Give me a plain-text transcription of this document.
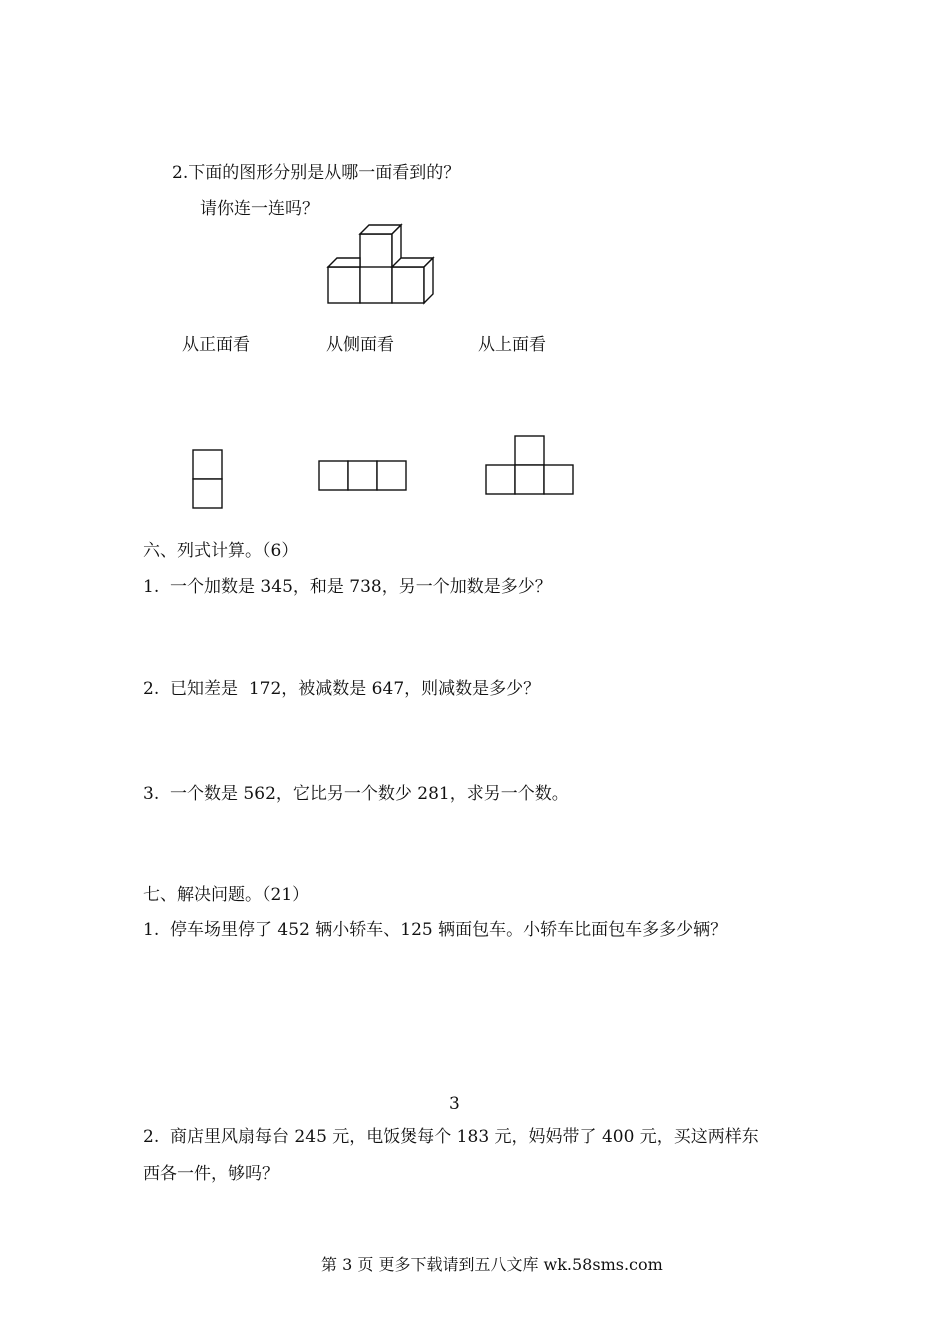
2.下面的图形分别是从哪一面看到的？
请你连一连吗？
从正面看	从侧面看	从上面看
六、列式计算。（6）
1.  一个加数是 345，和是 738，另一个加数是多少？
2.  已知差是  172，被减数是 647，则减数是多少？
3.  一个数是 562，它比另一个数少 281，求另一个数。
七、解决问题。（21）
1.  停车场里停了 452 辆小轿车、125 辆面包车。小轿车比面包车多多少辆？
3
2.  商店里风扇每台 245 元，电饭煲每个 183 元，妈妈带了 400 元，买这两样东
西各一件，够吗？
第 3 页 更多下载请到五八文库 wk.58sms.com
